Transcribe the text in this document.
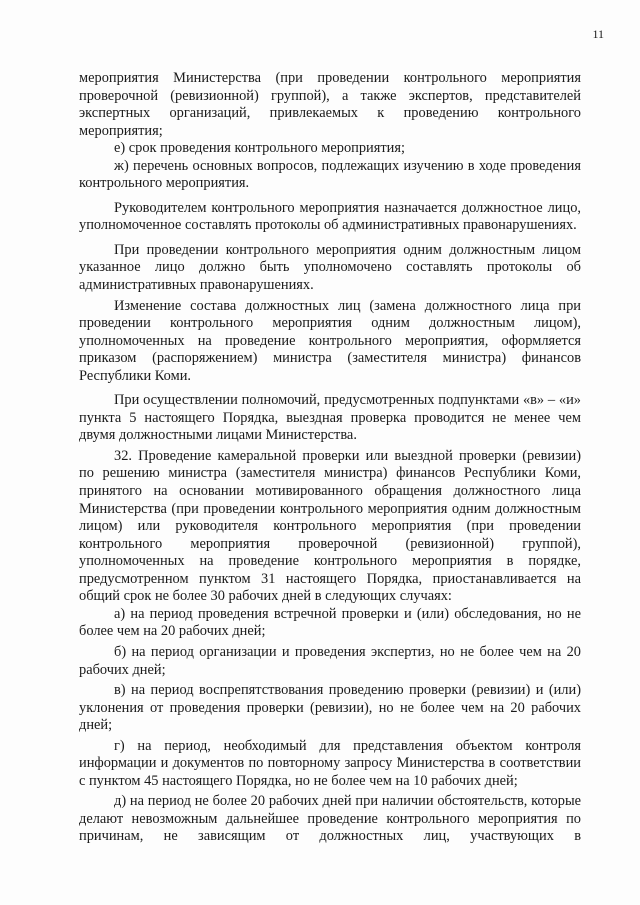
11

мероприятия Министерства (при проведении контрольного мероприятия проверочной (ревизионной) группой), а также экспертов, представителей экспертных организаций, привлекаемых к проведению контрольного мероприятия;

е) срок проведения контрольного мероприятия;

ж) перечень основных вопросов, подлежащих изучению в ходе проведения контрольного мероприятия.

Руководителем контрольного мероприятия назначается должностное лицо, уполномоченное составлять протоколы об административных правонарушениях.

При проведении контрольного мероприятия одним должностным лицом указанное лицо должно быть уполномочено составлять протоколы об административных правонарушениях.

Изменение состава должностных лиц (замена должностного лица при проведении контрольного мероприятия одним должностным лицом), уполномоченных на проведение контрольного мероприятия, оформляется приказом (распоряжением) министра (заместителя министра) финансов Республики Коми.

При осуществлении полномочий, предусмотренных подпунктами «в» – «и» пункта 5 настоящего Порядка, выездная проверка проводится не менее чем двумя должностными лицами Министерства.

32. Проведение камеральной проверки или выездной проверки (ревизии) по решению министра (заместителя министра) финансов Республики Коми, принятого на основании мотивированного обращения должностного лица Министерства (при проведении контрольного мероприятия одним должностным лицом) или руководителя контрольного мероприятия (при проведении контрольного мероприятия проверочной (ревизионной) группой), уполномоченных на проведение контрольного мероприятия в порядке, предусмотренном пунктом 31 настоящего Порядка, приостанавливается на общий срок не более 30 рабочих дней в следующих случаях:

а) на период проведения встречной проверки и (или) обследования, но не более чем на 20 рабочих дней;

б) на период организации и проведения экспертиз, но не более чем на 20 рабочих дней;

в) на период воспрепятствования проведению проверки (ревизии) и (или) уклонения от проведения проверки (ревизии), но не более чем на 20 рабочих дней;

г) на период, необходимый для представления объектом контроля информации и документов по повторному запросу Министерства в соответствии с пунктом 45 настоящего Порядка, но не более чем на 10 рабочих дней;

д) на период не более 20 рабочих дней при наличии обстоятельств, которые делают невозможным дальнейшее проведение контрольного мероприятия по причинам, не зависящим от должностных лиц, участвующих в
